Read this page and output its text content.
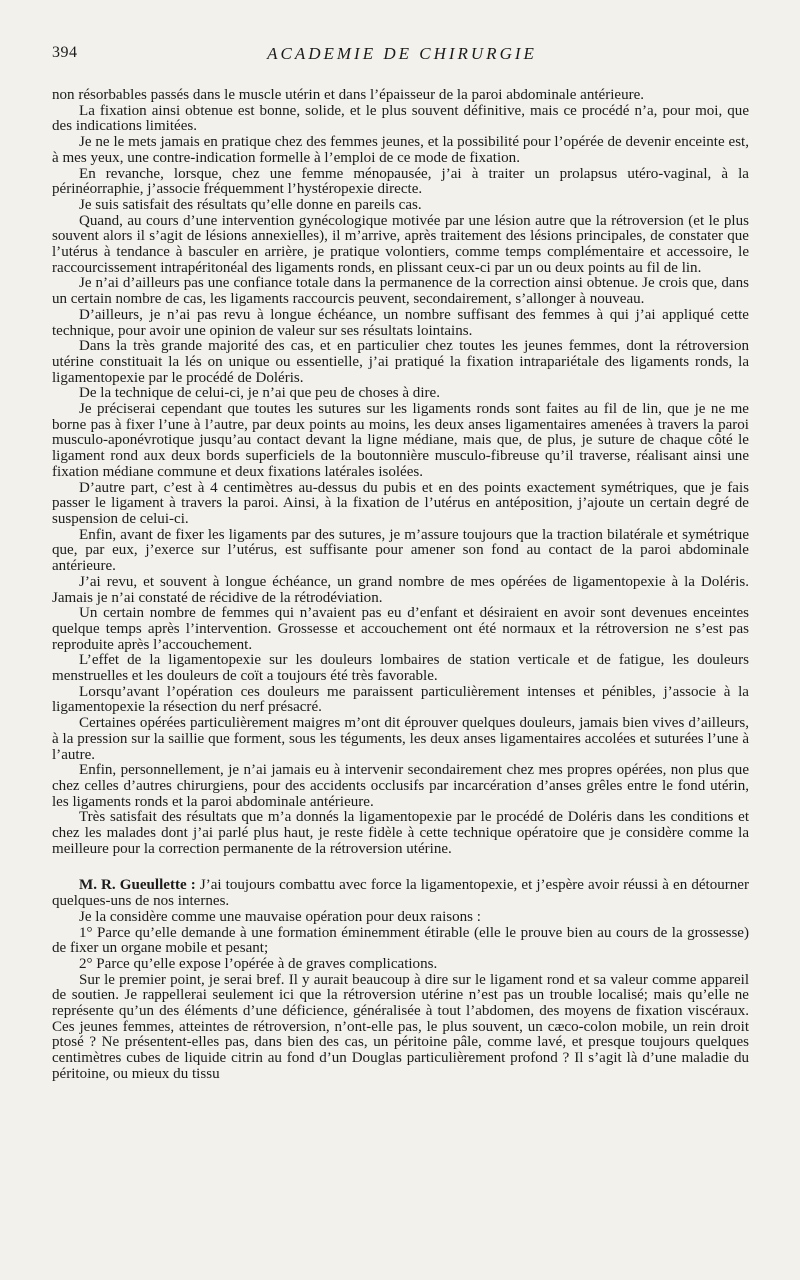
394	ACADEMIE DE CHIRURGIE

non résorbables passés dans le muscle utérin et dans l’épaisseur de la paroi abdominale antérieure.

La fixation ainsi obtenue est bonne, solide, et le plus souvent définitive, mais ce procédé n’a, pour moi, que des indications limitées.

Je ne le mets jamais en pratique chez des femmes jeunes, et la possibilité pour l’opérée de devenir enceinte est, à mes yeux, une contre-indication formelle à l’emploi de ce mode de fixation.

En revanche, lorsque, chez une femme ménopausée, j’ai à traiter un prolapsus utéro-vaginal, à la périnéorraphie, j’associe fréquemment l’hystéropexie directe.

Je suis satisfait des résultats qu’elle donne en pareils cas.

Quand, au cours d’une intervention gynécologique motivée par une lésion autre que la rétroversion (et le plus souvent alors il s’agit de lésions annexielles), il m’arrive, après traitement des lésions principales, de constater que l’utérus à tendance à basculer en arrière, je pratique volontiers, comme temps complémentaire et accessoire, le raccourcissement intrapéritonéal des ligaments ronds, en plissant ceux-ci par un ou deux points au fil de lin.

Je n’ai d’ailleurs pas une confiance totale dans la permanence de la correction ainsi obtenue. Je crois que, dans un certain nombre de cas, les ligaments raccourcis peuvent, secondairement, s’allonger à nouveau.

D’ailleurs, je n’ai pas revu à longue échéance, un nombre suffisant des femmes à qui j’ai appliqué cette technique, pour avoir une opinion de valeur sur ses résultats lointains.

Dans la très grande majorité des cas, et en particulier chez toutes les jeunes femmes, dont la rétroversion utérine constituait la lés on unique ou essentielle, j’ai pratiqué la fixation intrapariétale des ligaments ronds, la ligamentopexie par le procédé de Doléris.

De la technique de celui-ci, je n’ai que peu de choses à dire.

Je préciserai cependant que toutes les sutures sur les ligaments ronds sont faites au fil de lin, que je ne me borne pas à fixer l’une à l’autre, par deux points au moins, les deux anses ligamentaires amenées à travers la paroi musculo-aponévrotique jusqu’au contact devant la ligne médiane, mais que, de plus, je suture de chaque côté le ligament rond aux deux bords superficiels de la boutonnière musculo-fibreuse qu’il traverse, réalisant ainsi une fixation médiane commune et deux fixations latérales isolées.

D’autre part, c’est à 4 centimètres au-dessus du pubis et en des points exactement symétriques, que je fais passer le ligament à travers la paroi. Ainsi, à la fixation de l’utérus en antéposition, j’ajoute un certain degré de suspension de celui-ci.

Enfin, avant de fixer les ligaments par des sutures, je m’assure toujours que la traction bilatérale et symétrique que, par eux, j’exerce sur l’utérus, est suffisante pour amener son fond au contact de la paroi abdominale antérieure.

J’ai revu, et souvent à longue échéance, un grand nombre de mes opérées de ligamentopexie à la Doléris. Jamais je n’ai constaté de récidive de la rétrodéviation.

Un certain nombre de femmes qui n’avaient pas eu d’enfant et désiraient en avoir sont devenues enceintes quelque temps après l’intervention. Grossesse et accouchement ont été normaux et la rétroversion ne s’est pas reproduite après l’accouchement.

L’effet de la ligamentopexie sur les douleurs lombaires de station verticale et de fatigue, les douleurs menstruelles et les douleurs de coït a toujours été très favorable.

Lorsqu’avant l’opération ces douleurs me paraissent particulièrement intenses et pénibles, j’associe à la ligamentopexie la résection du nerf présacré.

Certaines opérées particulièrement maigres m’ont dit éprouver quelques douleurs, jamais bien vives d’ailleurs, à la pression sur la saillie que forment, sous les téguments, les deux anses ligamentaires accolées et suturées l’une à l’autre.

Enfin, personnellement, je n’ai jamais eu à intervenir secondairement chez mes propres opérées, non plus que chez celles d’autres chirurgiens, pour des accidents occlusifs par incarcération d’anses grêles entre le fond utérin, les ligaments ronds et la paroi abdominale antérieure.

Très satisfait des résultats que m’a donnés la ligamentopexie par le procédé de Doléris dans les conditions et chez les malades dont j’ai parlé plus haut, je reste fidèle à cette technique opératoire que je considère comme la meilleure pour la correction permanente de la rétroversion utérine.

M. R. Gueullette : J’ai toujours combattu avec force la ligamentopexie, et j’espère avoir réussi à en détourner quelques-uns de nos internes.

Je la considère comme une mauvaise opération pour deux raisons :

1° Parce qu’elle demande à une formation éminemment étirable (elle le prouve bien au cours de la grossesse) de fixer un organe mobile et pesant;

2° Parce qu’elle expose l’opérée à de graves complications.

Sur le premier point, je serai bref. Il y aurait beaucoup à dire sur le ligament rond et sa valeur comme appareil de soutien. Je rappellerai seulement ici que la rétroversion utérine n’est pas un trouble localisé; mais qu’elle ne représente qu’un des éléments d’une déficience, généralisée à tout l’abdomen, des moyens de fixation viscéraux. Ces jeunes femmes, atteintes de rétroversion, n’ont-elle pas, le plus souvent, un cæco-colon mobile, un rein droit ptosé ? Ne présentent-elles pas, dans bien des cas, un péritoine pâle, comme lavé, et presque toujours quelques centimètres cubes de liquide citrin au fond d’un Douglas particulièrement profond ? Il s’agit là d’une maladie du péritoine, ou mieux du tissu
